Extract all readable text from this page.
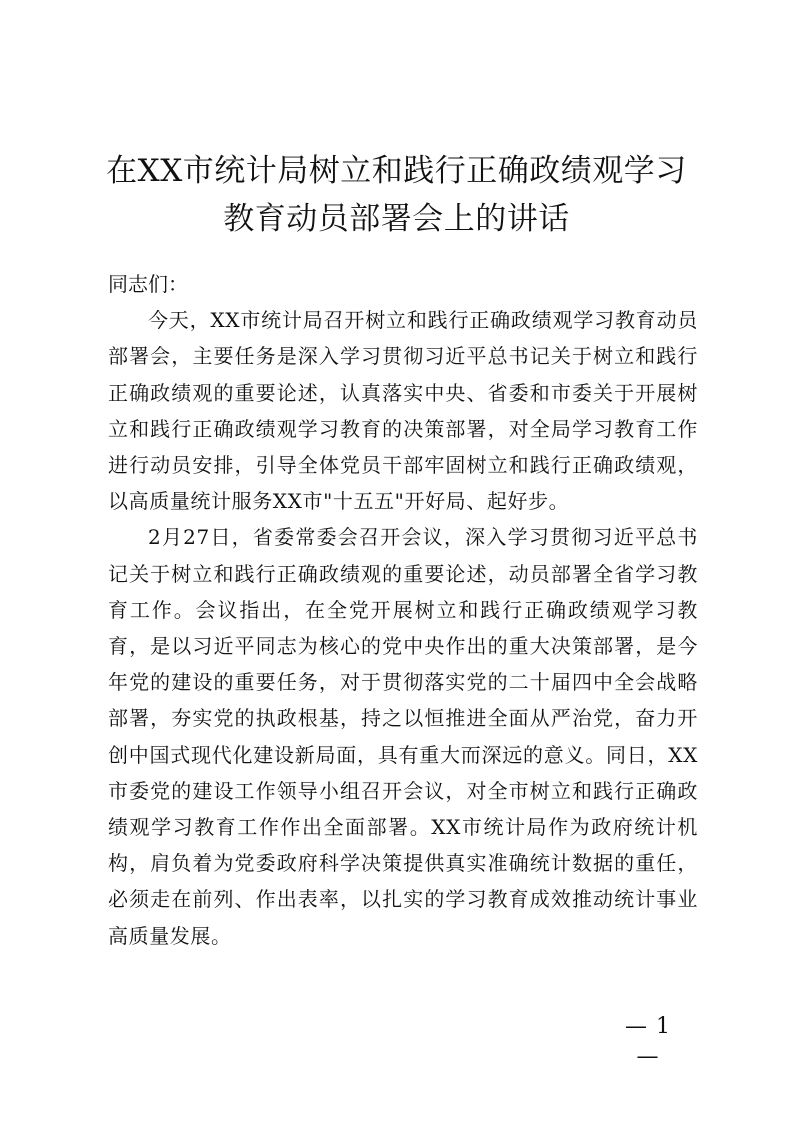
在XX市统计局树立和践行正确政绩观学习教育动员部署会上的讲话

同志们：

今天，XX市统计局召开树立和践行正确政绩观学习教育动员部署会，主要任务是深入学习贯彻习近平总书记关于树立和践行正确政绩观的重要论述，认真落实中央、省委和市委关于开展树立和践行正确政绩观学习教育的决策部署，对全局学习教育工作进行动员安排，引导全体党员干部牢固树立和践行正确政绩观，以高质量统计服务XX市"十五五"开好局、起好步。

2月27日，省委常委会召开会议，深入学习贯彻习近平总书记关于树立和践行正确政绩观的重要论述，动员部署全省学习教育工作。会议指出，在全党开展树立和践行正确政绩观学习教育，是以习近平同志为核心的党中央作出的重大决策部署，是今年党的建设的重要任务，对于贯彻落实党的二十届四中全会战略部署，夯实党的执政根基，持之以恒推进全面从严治党，奋力开创中国式现代化建设新局面，具有重大而深远的意义。同日，XX市委党的建设工作领导小组召开会议，对全市树立和践行正确政绩观学习教育工作作出全面部署。XX市统计局作为政府统计机构，肩负着为党委政府科学决策提供真实准确统计数据的重任，必须走在前列、作出表率，以扎实的学习教育成效推动统计事业高质量发展。

— 1 —
